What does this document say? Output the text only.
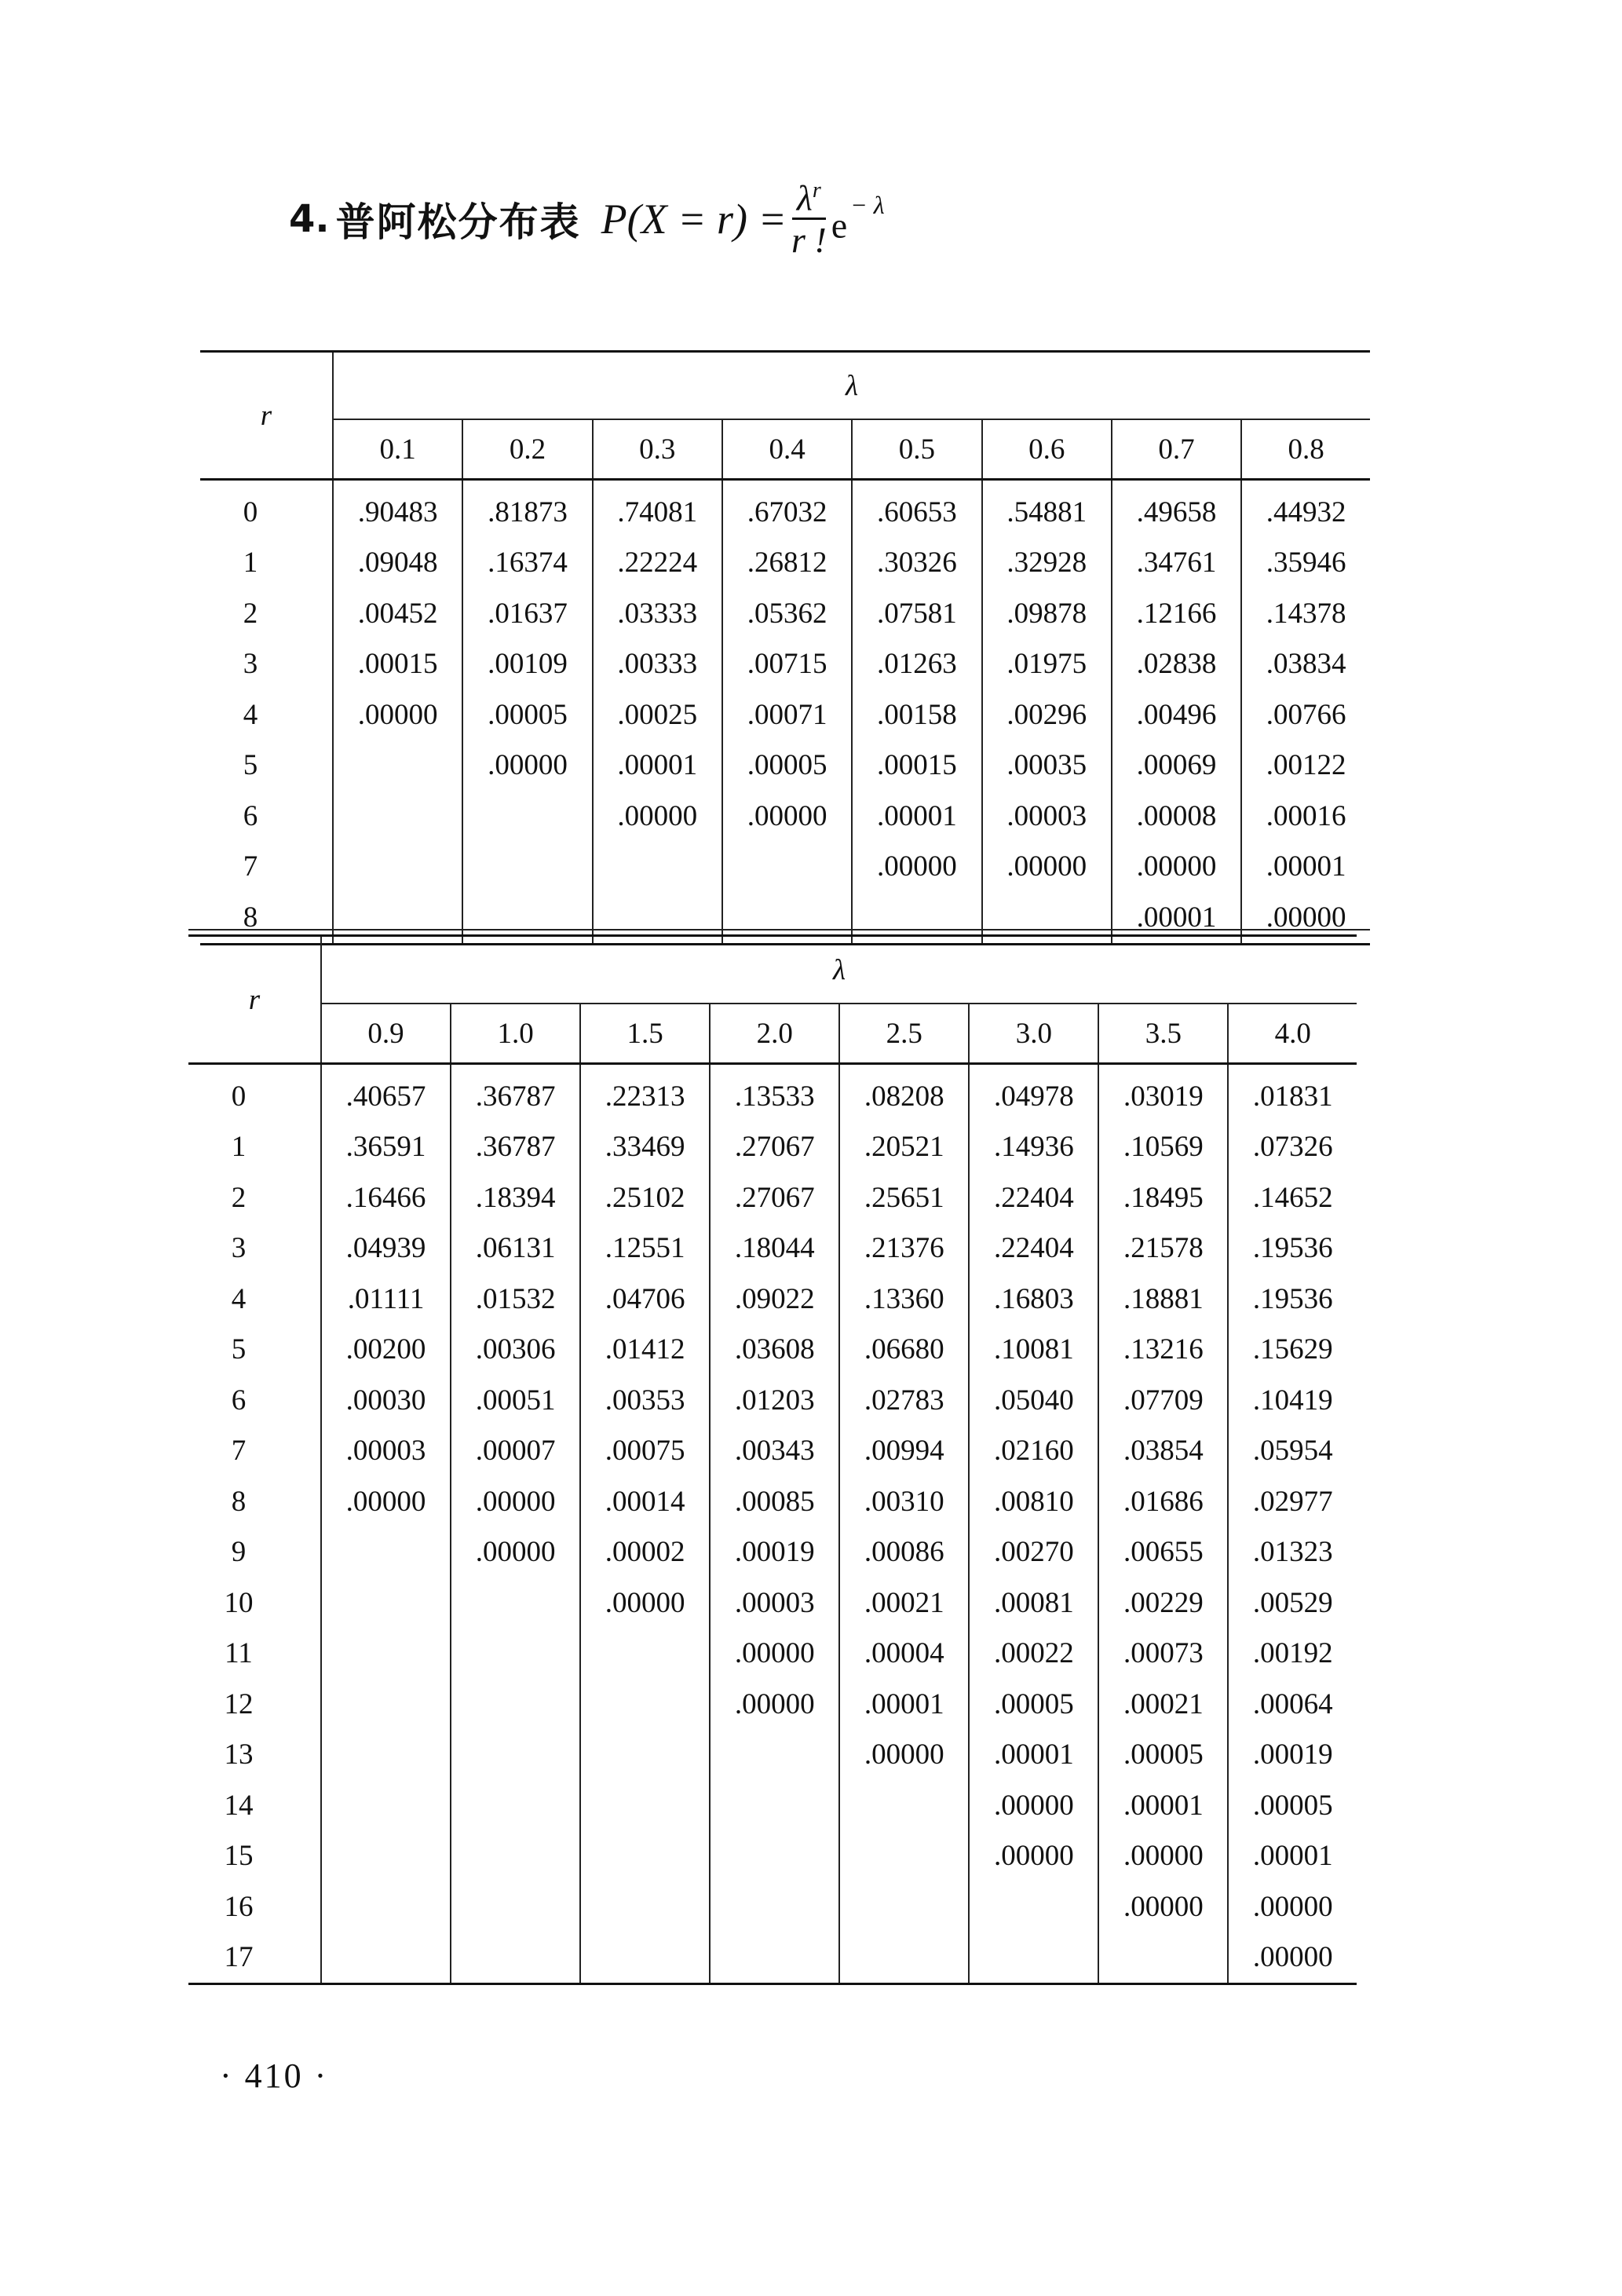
4. 普阿松分布表 $P(X = r) = \frac{\lambda^r}{r !} e^{- \lambda}$
r	λ							
	0.1	0.2	0.3	0.4	0.5	0.6	0.7	0.8
0	.90483	.81873	.74081	.67032	.60653	.54881	.49658	.44932
1	.09048	.16374	.22224	.26812	.30326	.32928	.34761	.35946
2	.00452	.01637	.03333	.05362	.07581	.09878	.12166	.14378
3	.00015	.00109	.00333	.00715	.01263	.01975	.02838	.03834
4	.00000	.00005	.00025	.00071	.00158	.00296	.00496	.00766
5		.00000	.00001	.00005	.00015	.00035	.00069	.00122
6			.00000	.00000	.00001	.00003	.00008	.00016
7					.00000	.00000	.00000	.00001
8							.00001	.00000
r	λ							
	0.9	1.0	1.5	2.0	2.5	3.0	3.5	4.0
0	.40657	.36787	.22313	.13533	.08208	.04978	.03019	.01831
1	.36591	.36787	.33469	.27067	.20521	.14936	.10569	.07326
2	.16466	.18394	.25102	.27067	.25651	.22404	.18495	.14652
3	.04939	.06131	.12551	.18044	.21376	.22404	.21578	.19536
4	.01111	.01532	.04706	.09022	.13360	.16803	.18881	.19536
5	.00200	.00306	.01412	.03608	.06680	.10081	.13216	.15629
6	.00030	.00051	.00353	.01203	.02783	.05040	.07709	.10419
7	.00003	.00007	.00075	.00343	.00994	.02160	.03854	.05954
8	.00000	.00000	.00014	.00085	.00310	.00810	.01686	.02977
9		.00000	.00002	.00019	.00086	.00270	.00655	.01323
10			.00000	.00003	.00021	.00081	.00229	.00529
11				.00000	.00004	.00022	.00073	.00192
12				.00000	.00001	.00005	.00021	.00064
13					.00000	.00001	.00005	.00019
14						.00000	.00001	.00005
15						.00000	.00000	.00001
16							.00000	.00000
17								.00000
· 410 ·
